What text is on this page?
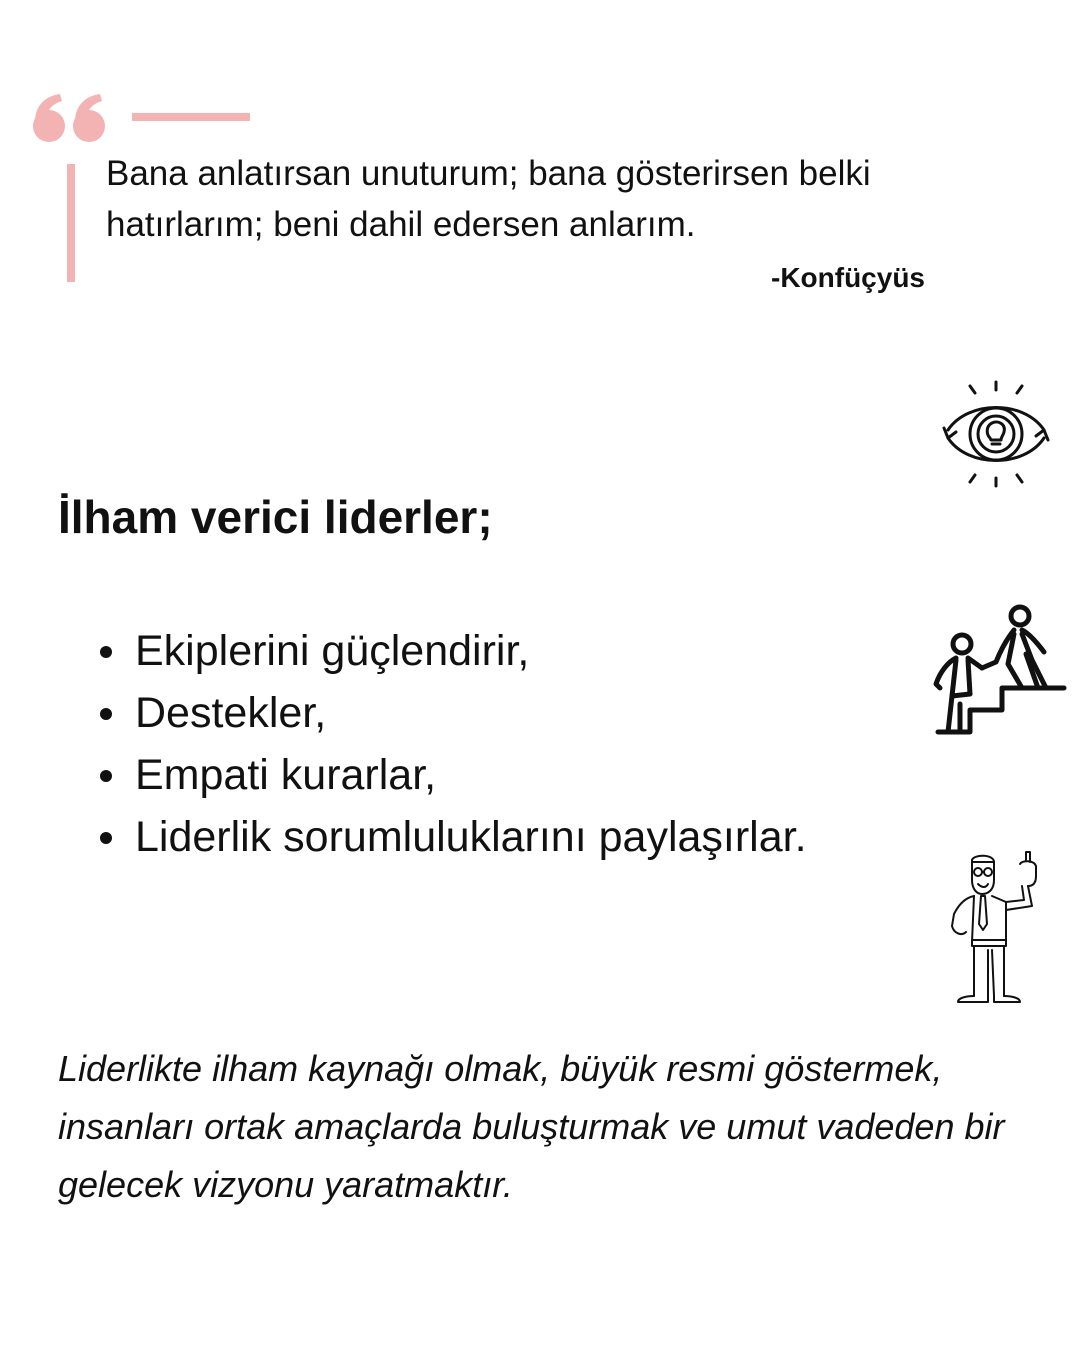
Bana anlatırsan unuturum; bana gösterirsen belki hatırlarım; beni dahil edersen anlarım.
-Konfüçyüs
İlham verici liderler;
Ekiplerini güçlendirir,
Destekler,
Empati kurarlar,
Liderlik sorumluluklarını paylaşırlar.
Liderlikte ilham kaynağı olmak, büyük resmi göstermek, insanları ortak amaçlarda buluşturmak ve umut vadeden bir gelecek vizyonu yaratmaktır.
